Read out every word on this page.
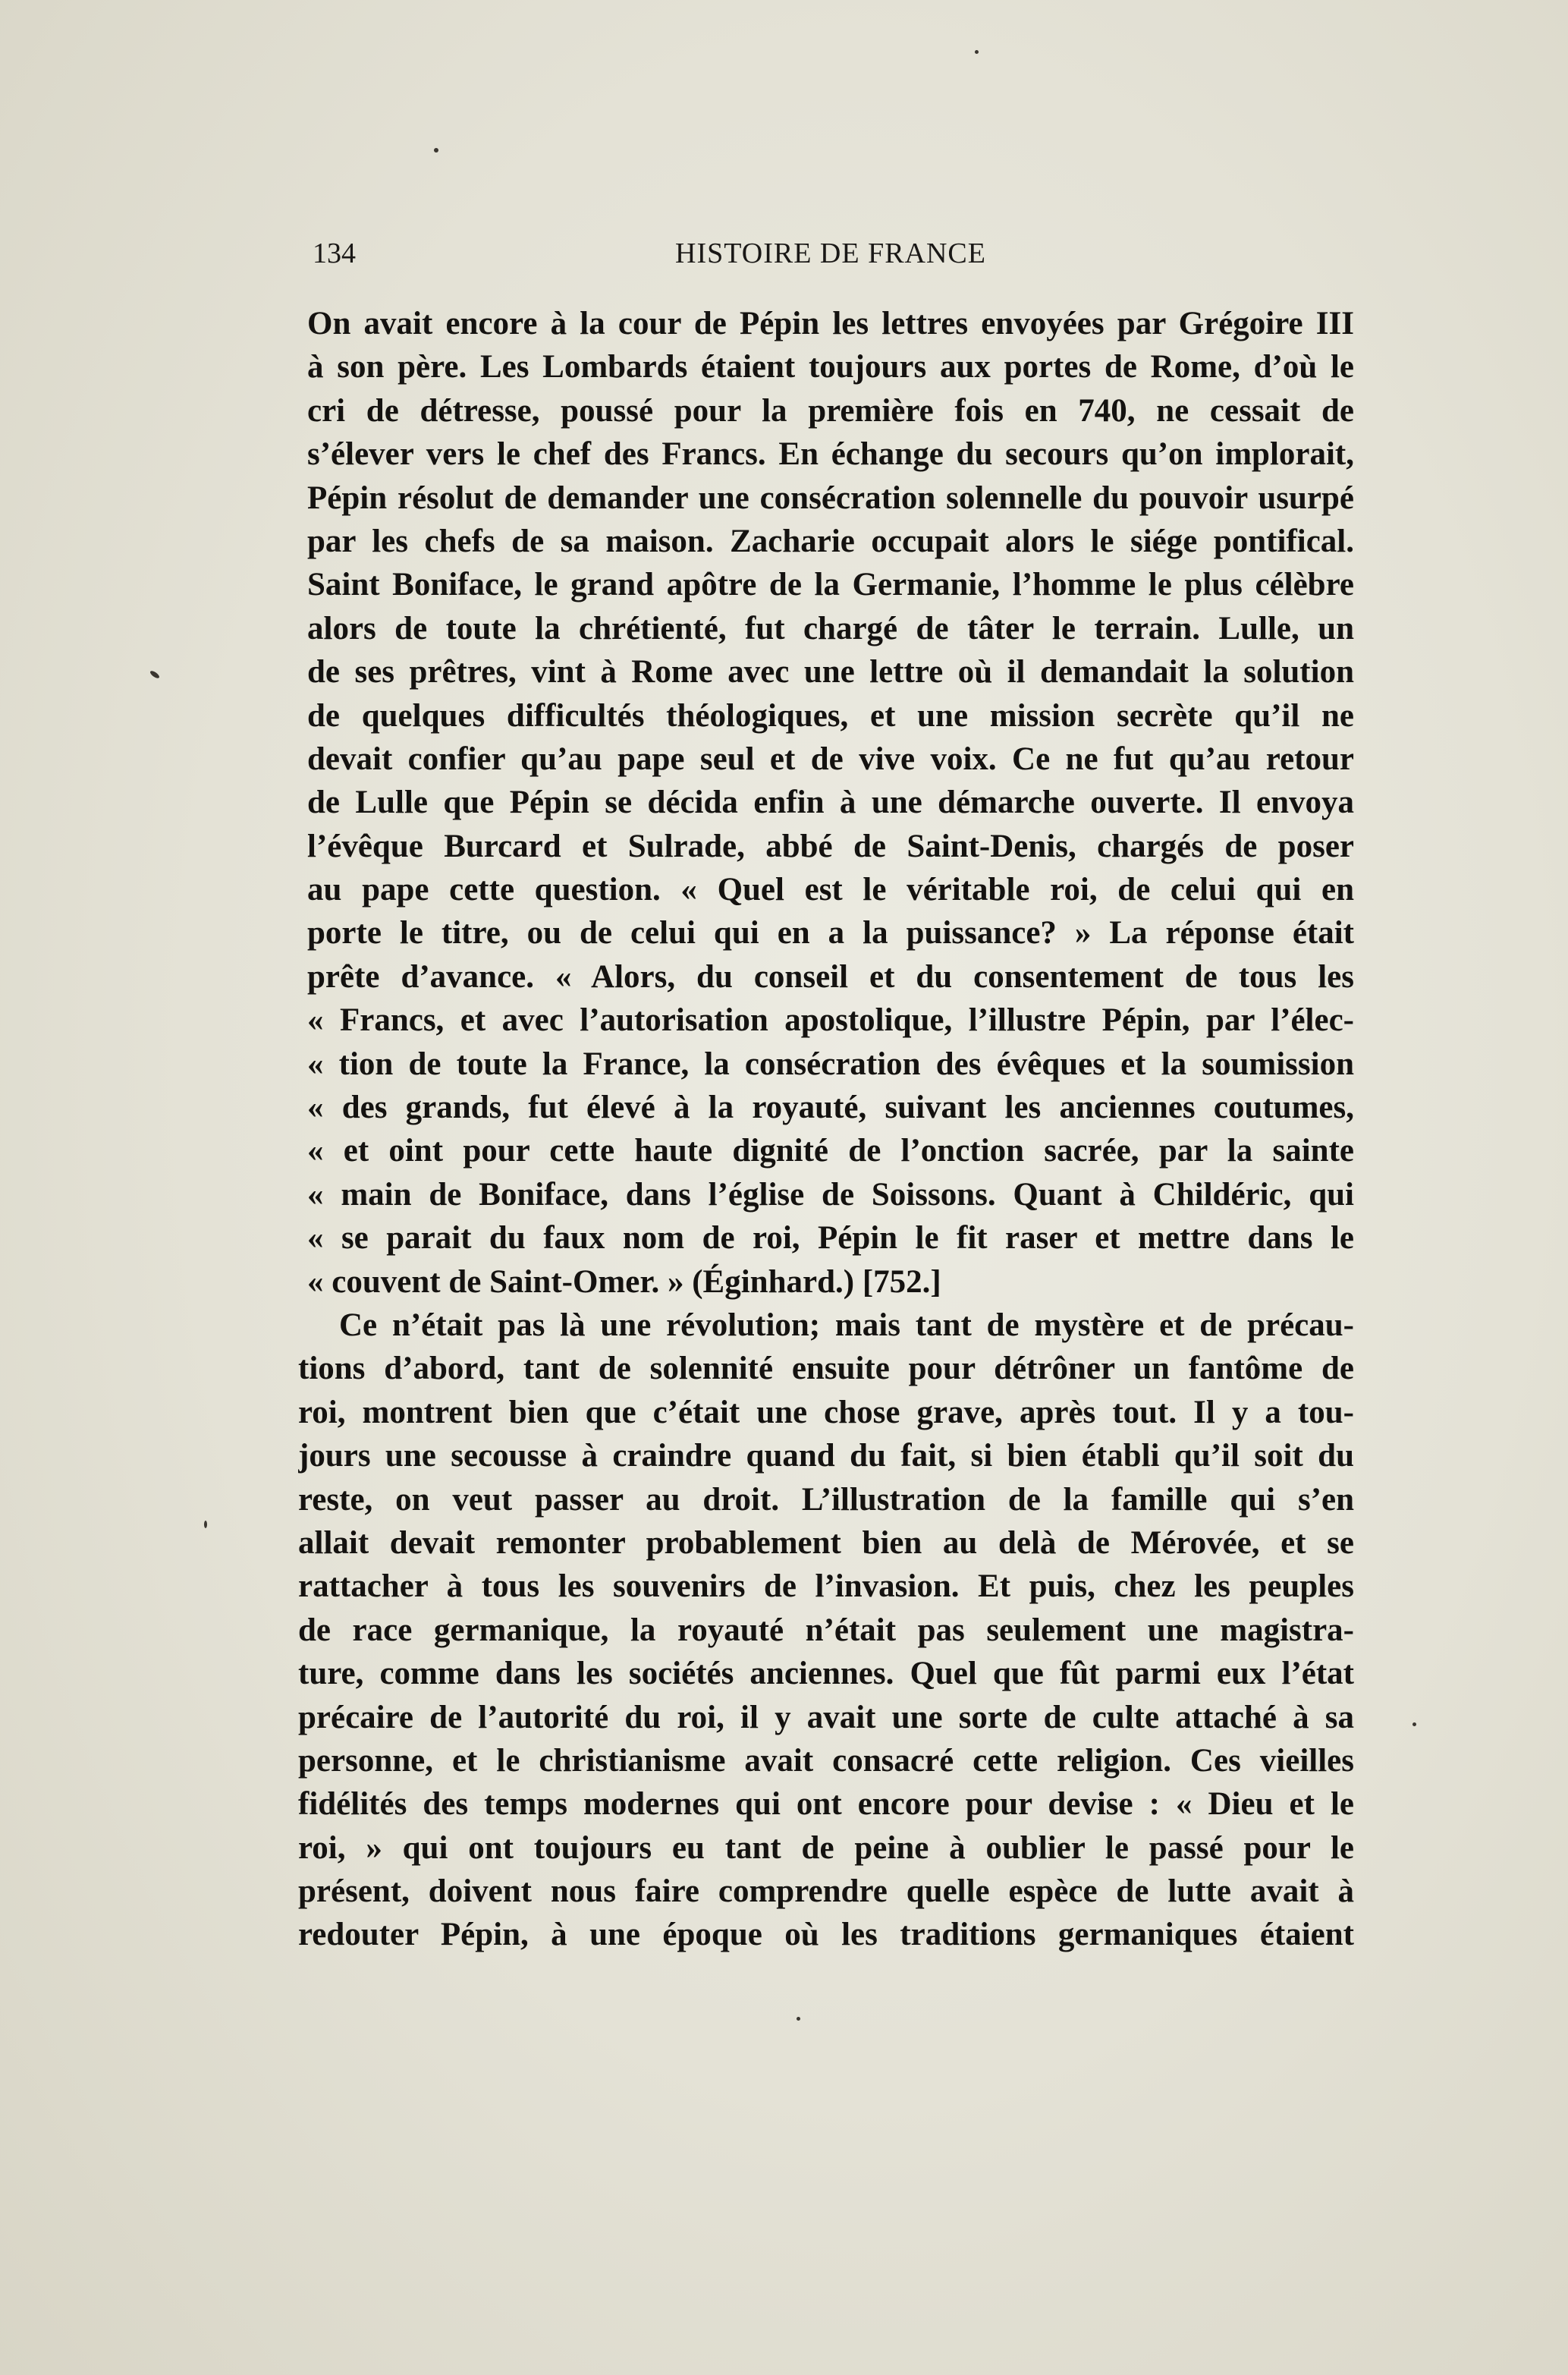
134	HISTOIRE DE FRANCE
On avait encore à la cour de Pépin les lettres envoyées par Grégoire III
à son père. Les Lombards étaient toujours aux portes de Rome, d’où le
cri de détresse, poussé pour la première fois en 740, ne cessait de
s’élever vers le chef des Francs. En échange du secours qu’on implorait,
Pépin résolut de demander une consécration solennelle du pouvoir usurpé
par les chefs de sa maison. Zacharie occupait alors le siége pontifical.
Saint Boniface, le grand apôtre de la Germanie, l’homme le plus célèbre
alors de toute la chrétienté, fut chargé de tâter le terrain. Lulle, un
de ses prêtres, vint à Rome avec une lettre où il demandait la solution
de quelques difficultés théologiques, et une mission secrète qu’il ne
devait confier qu’au pape seul et de vive voix. Ce ne fut qu’au retour
de Lulle que Pépin se décida enfin à une démarche ouverte. Il envoya
l’évêque Burcard et Sulrade, abbé de Saint-Denis, chargés de poser
au pape cette question. « Quel est le véritable roi, de celui qui en
porte le titre, ou de celui qui en a la puissance? » La réponse était
prête d’avance. « Alors, du conseil et du consentement de tous les
« Francs, et avec l’autorisation apostolique, l’illustre Pépin, par l’élec-
« tion de toute la France, la consécration des évêques et la soumission
« des grands, fut élevé à la royauté, suivant les anciennes coutumes,
« et oint pour cette haute dignité de l’onction sacrée, par la sainte
« main de Boniface, dans l’église de Soissons. Quant à Childéric, qui
« se parait du faux nom de roi, Pépin le fit raser et mettre dans le
« couvent de Saint-Omer. » (Éginhard.) [752.]
Ce n’était pas là une révolution; mais tant de mystère et de précau-
tions d’abord, tant de solennité ensuite pour détrôner un fantôme de
roi, montrent bien que c’était une chose grave, après tout. Il y a tou-
jours une secousse à craindre quand du fait, si bien établi qu’il soit du
reste, on veut passer au droit. L’illustration de la famille qui s’en
allait devait remonter probablement bien au delà de Mérovée, et se
rattacher à tous les souvenirs de l’invasion. Et puis, chez les peuples
de race germanique, la royauté n’était pas seulement une magistra-
ture, comme dans les sociétés anciennes. Quel que fût parmi eux l’état
précaire de l’autorité du roi, il y avait une sorte de culte attaché à sa
personne, et le christianisme avait consacré cette religion. Ces vieilles
fidélités des temps modernes qui ont encore pour devise : « Dieu et le
roi, » qui ont toujours eu tant de peine à oublier le passé pour le
présent, doivent nous faire comprendre quelle espèce de lutte avait à
redouter Pépin, à une époque où les traditions germaniques étaient
